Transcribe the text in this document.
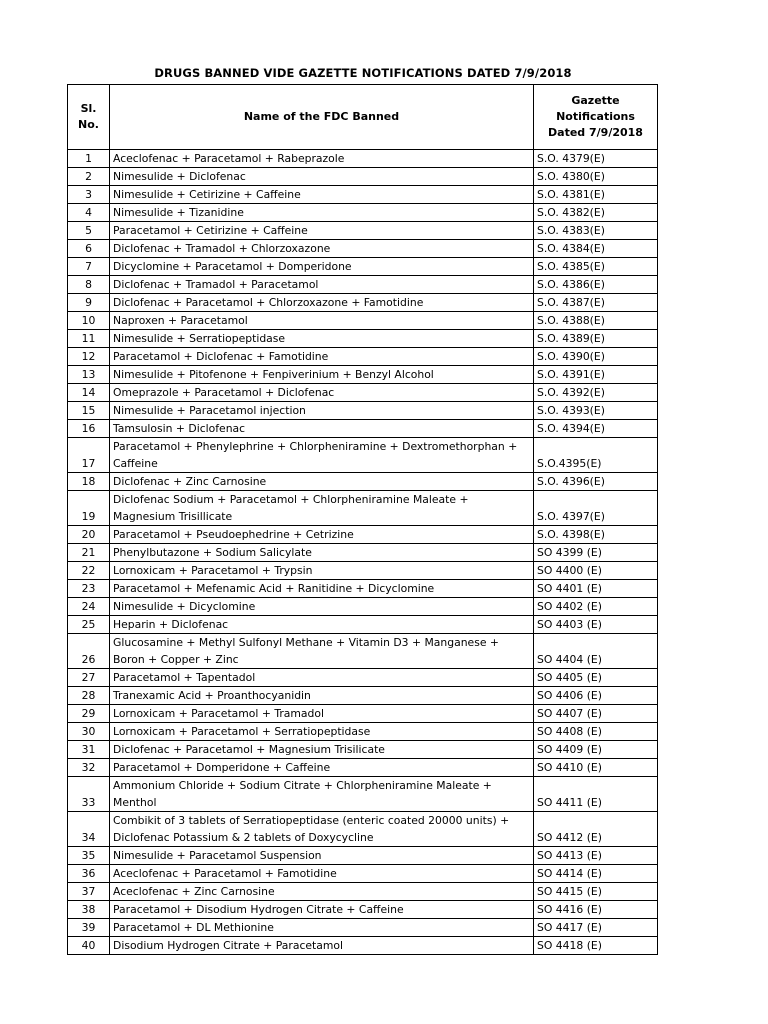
DRUGS BANNED VIDE GAZETTE NOTIFICATIONS DATED 7/9/2018
Sl. No.	Name of the FDC Banned	Gazette Notifications Dated 7/9/2018
1	Aceclofenac + Paracetamol + Rabeprazole	S.O. 4379(E)
2	Nimesulide + Diclofenac	S.O. 4380(E)
3	Nimesulide + Cetirizine + Caffeine	S.O. 4381(E)
4	Nimesulide + Tizanidine	S.O. 4382(E)
5	Paracetamol + Cetirizine + Caffeine	S.O. 4383(E)
6	Diclofenac + Tramadol + Chlorzoxazone	S.O. 4384(E)
7	Dicyclomine + Paracetamol + Domperidone	S.O. 4385(E)
8	Diclofenac + Tramadol + Paracetamol	S.O. 4386(E)
9	Diclofenac + Paracetamol + Chlorzoxazone + Famotidine	S.O. 4387(E)
10	Naproxen + Paracetamol	S.O. 4388(E)
11	Nimesulide + Serratiopeptidase	S.O. 4389(E)
12	Paracetamol + Diclofenac + Famotidine	S.O. 4390(E)
13	Nimesulide + Pitofenone + Fenpiverinium + Benzyl Alcohol	S.O. 4391(E)
14	Omeprazole + Paracetamol + Diclofenac	S.O. 4392(E)
15	Nimesulide + Paracetamol injection	S.O. 4393(E)
16	Tamsulosin + Diclofenac	S.O. 4394(E)
17	Paracetamol + Phenylephrine + Chlorpheniramine + Dextromethorphan + Caffeine	S.O.4395(E)
18	Diclofenac + Zinc Carnosine	S.O. 4396(E)
19	Diclofenac Sodium + Paracetamol + Chlorpheniramine Maleate + Magnesium Trisillicate	S.O. 4397(E)
20	Paracetamol + Pseudoephedrine + Cetrizine	S.O. 4398(E)
21	Phenylbutazone + Sodium Salicylate	SO 4399 (E)
22	Lornoxicam + Paracetamol + Trypsin	SO 4400 (E)
23	Paracetamol + Mefenamic Acid + Ranitidine + Dicyclomine	SO 4401 (E)
24	Nimesulide + Dicyclomine	SO 4402 (E)
25	Heparin + Diclofenac	SO 4403 (E)
26	Glucosamine + Methyl Sulfonyl Methane + Vitamin D3 + Manganese + Boron + Copper + Zinc	SO 4404 (E)
27	Paracetamol + Tapentadol	SO 4405 (E)
28	Tranexamic Acid + Proanthocyanidin	SO 4406 (E)
29	Lornoxicam + Paracetamol + Tramadol	SO 4407 (E)
30	Lornoxicam + Paracetamol + Serratiopeptidase	SO 4408 (E)
31	Diclofenac + Paracetamol + Magnesium Trisilicate	SO 4409 (E)
32	Paracetamol + Domperidone + Caffeine	SO 4410 (E)
33	Ammonium Chloride + Sodium Citrate + Chlorpheniramine Maleate + Menthol	SO 4411 (E)
34	Combikit of 3 tablets of Serratiopeptidase (enteric coated 20000 units) + Diclofenac Potassium & 2 tablets of Doxycycline	SO 4412 (E)
35	Nimesulide + Paracetamol Suspension	SO 4413 (E)
36	Aceclofenac + Paracetamol + Famotidine	SO 4414 (E)
37	Aceclofenac + Zinc Carnosine	SO 4415 (E)
38	Paracetamol + Disodium Hydrogen Citrate + Caffeine	SO 4416 (E)
39	Paracetamol + DL Methionine	SO 4417 (E)
40	Disodium Hydrogen Citrate + Paracetamol	SO 4418 (E)
